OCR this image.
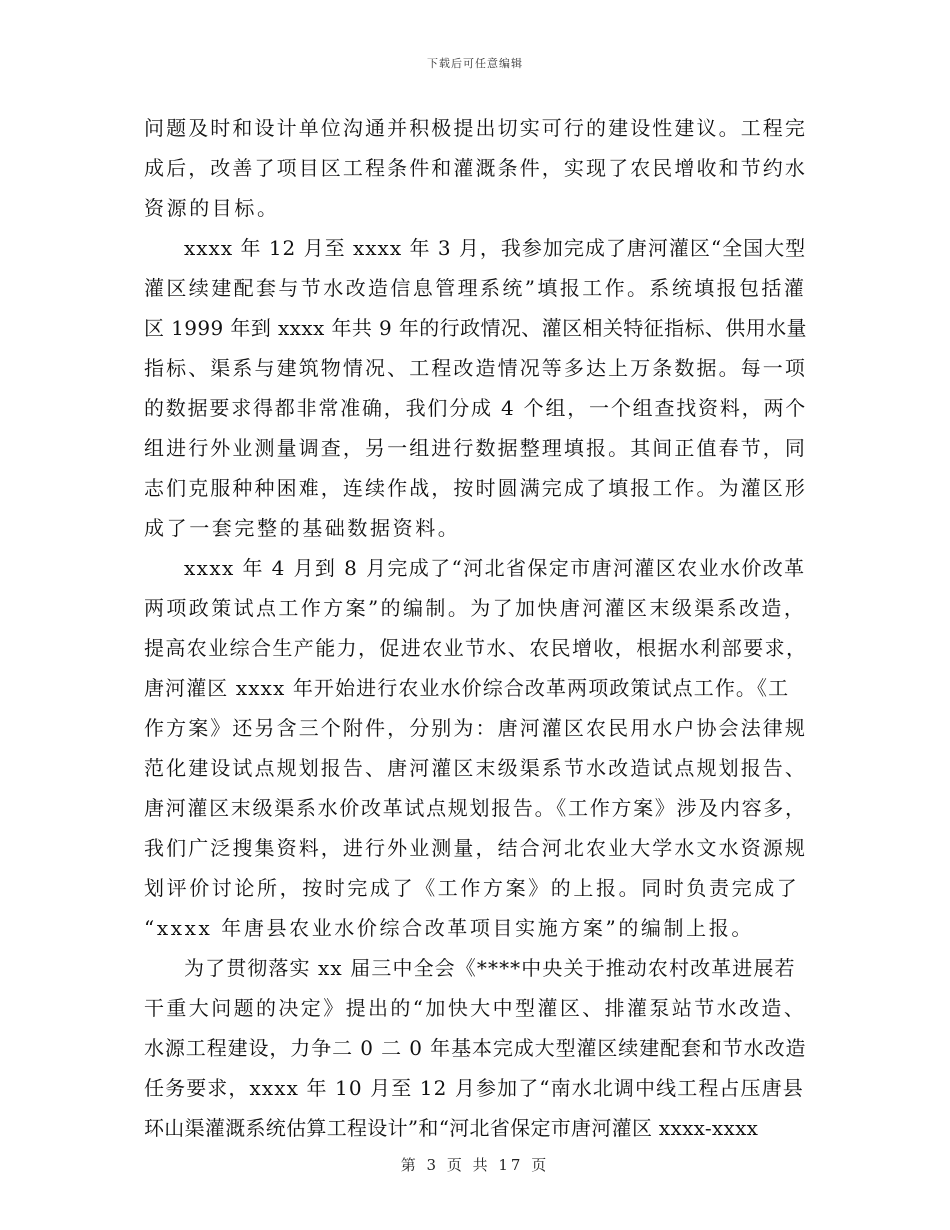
下载后可任意编辑
问题及时和设计单位沟通并积极提出切实可行的建设性建议。工程完
成后，改善了项目区工程条件和灌溉条件，实现了农民增收和节约水
资源的目标。
xxxx 年 12 月至 xxxx 年 3 月，我参加完成了唐河灌区“全国大型
灌区续建配套与节水改造信息管理系统”填报工作。系统填报包括灌
区 1999 年到 xxxx 年共 9 年的行政情况、灌区相关特征指标、供用水量
指标、渠系与建筑物情况、工程改造情况等多达上万条数据。每一项
的数据要求得都非常准确，我们分成 4 个组，一个组查找资料，两个
组进行外业测量调查，另一组进行数据整理填报。其间正值春节，同
志们克服种种困难，连续作战，按时圆满完成了填报工作。为灌区形
成了一套完整的基础数据资料。
xxxx 年 4 月到 8 月完成了“河北省保定市唐河灌区农业水价改革
两项政策试点工作方案”的编制。为了加快唐河灌区末级渠系改造，
提高农业综合生产能力，促进农业节水、农民增收，根据水利部要求，
唐河灌区 xxxx 年开始进行农业水价综合改革两项政策试点工作。《工
作方案》还另含三个附件，分别为：唐河灌区农民用水户协会法律规
范化建设试点规划报告、唐河灌区末级渠系节水改造试点规划报告、
唐河灌区末级渠系水价改革试点规划报告。《工作方案》涉及内容多，
我们广泛搜集资料，进行外业测量，结合河北农业大学水文水资源规
划评价讨论所，按时完成了《工作方案》的上报。同时负责完成了
“xxxx 年唐县农业水价综合改革项目实施方案”的编制上报。
为了贯彻落实 xx 届三中全会《****中央关于推动农村改革进展若
干重大问题的决定》提出的“加快大中型灌区、排灌泵站节水改造、
水源工程建设，力争二 0 二 0 年基本完成大型灌区续建配套和节水改造
任务要求，xxxx 年 10 月至 12 月参加了“南水北调中线工程占压唐县
环山渠灌溉系统估算工程设计”和“河北省保定市唐河灌区 xxxx-xxxx
第 3 页 共 17 页
